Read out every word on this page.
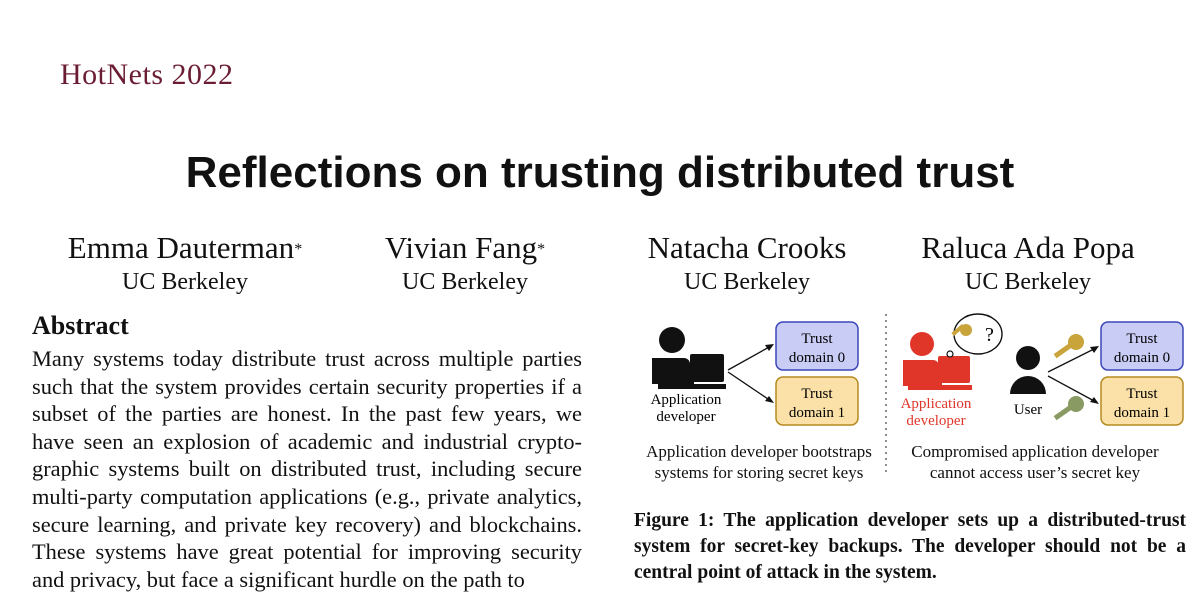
HotNets 2022
Reflections on trusting distributed trust
Emma Dauterman*
UC Berkeley
Vivian Fang*
UC Berkeley
Natacha Crooks
UC Berkeley
Raluca Ada Popa
UC Berkeley
Abstract
Many systems today distribute trust across multiple parties such that the system provides certain security properties if a subset of the parties are honest. In the past few years, we have seen an explosion of academic and industrial crypto-graphic systems built on distributed trust, including secure multi-party computation applications (e.g., private analytics, secure learning, and private key recovery) and blockchains. These systems have great potential for improving security and privacy, but face a significant hurdle on the path to
Application
developer
Trust
domain 0
Trust
domain 1
?
Application
developer
User
Trust
domain 0
Trust
domain 1
Application developer bootstraps
systems for storing secret keys
Compromised application developer
cannot access user’s secret key
Figure 1: The application developer sets up a distributed-trust system for secret-key backups. The developer should not be a central point of attack in the system.
